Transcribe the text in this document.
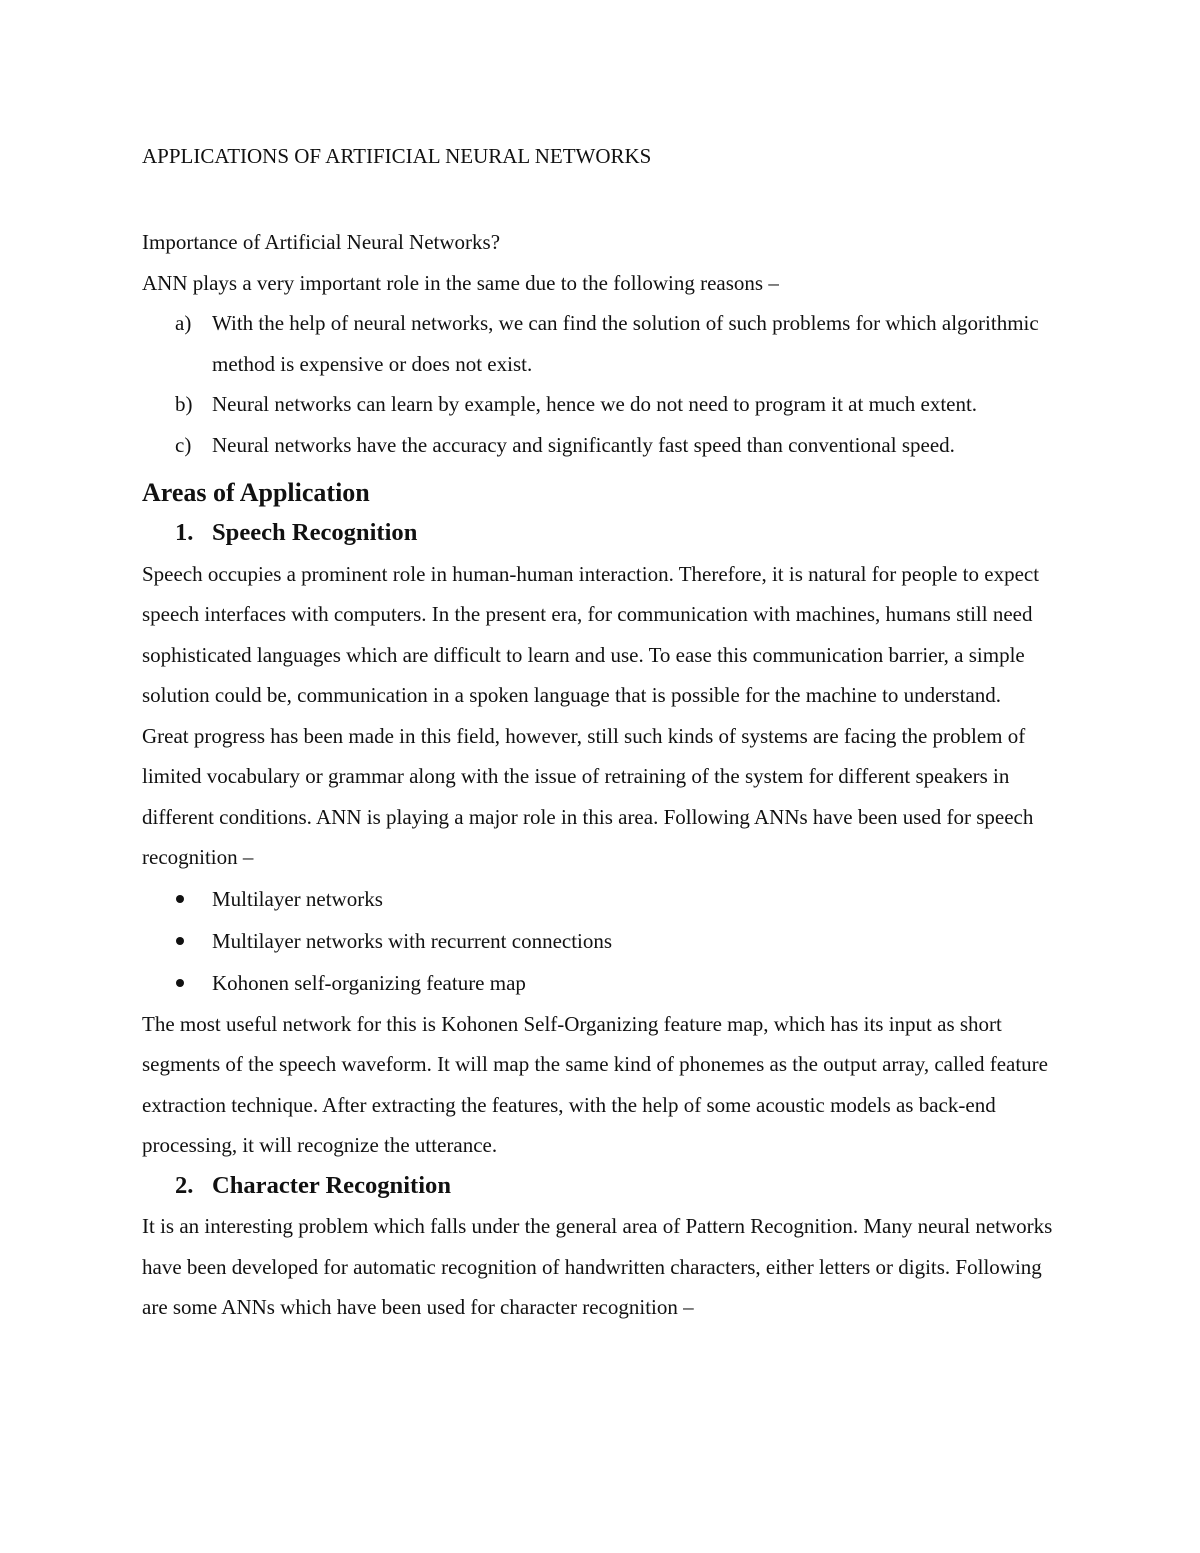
APPLICATIONS OF ARTIFICIAL NEURAL NETWORKS

Importance of Artificial Neural Networks?

ANN plays a very important role in the same due to the following reasons –

a) With the help of neural networks, we can find the solution of such problems for which algorithmic method is expensive or does not exist.
b) Neural networks can learn by example, hence we do not need to program it at much extent.
c) Neural networks have the accuracy and significantly fast speed than conventional speed.
Areas of Application
1. Speech Recognition

Speech occupies a prominent role in human-human interaction. Therefore, it is natural for people to expect speech interfaces with computers. In the present era, for communication with machines, humans still need sophisticated languages which are difficult to learn and use. To ease this communication barrier, a simple solution could be, communication in a spoken language that is possible for the machine to understand.

Great progress has been made in this field, however, still such kinds of systems are facing the problem of limited vocabulary or grammar along with the issue of retraining of the system for different speakers in different conditions. ANN is playing a major role in this area. Following ANNs have been used for speech recognition –

Multilayer networks
Multilayer networks with recurrent connections
Kohonen self-organizing feature map

The most useful network for this is Kohonen Self-Organizing feature map, which has its input as short segments of the speech waveform. It will map the same kind of phonemes as the output array, called feature extraction technique. After extracting the features, with the help of some acoustic models as back-end processing, it will recognize the utterance.

2. Character Recognition

It is an interesting problem which falls under the general area of Pattern Recognition. Many neural networks have been developed for automatic recognition of handwritten characters, either letters or digits. Following are some ANNs which have been used for character recognition –
